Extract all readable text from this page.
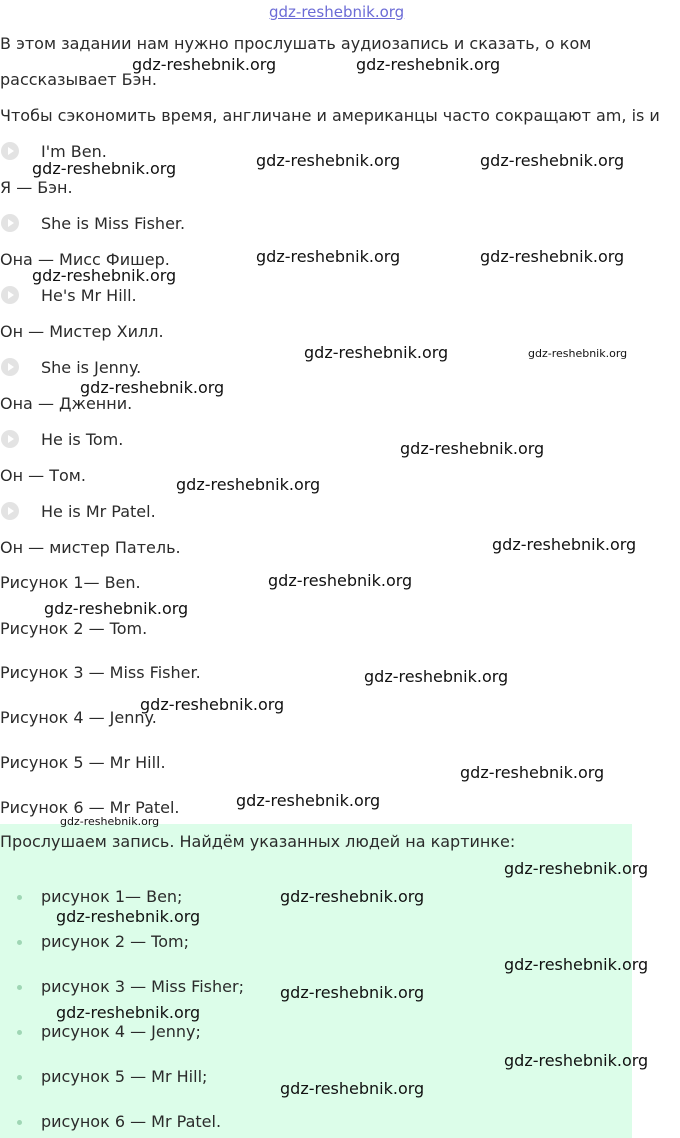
gdz-reshebnik.org
В этом задании нам нужно прослушать аудиозапись и сказать, о ком
рассказывает Бэн.
Чтобы сэкономить время, англичане и американцы часто сокращают am, is и
I'm Ben.
Я — Бэн.
She is Miss Fisher.
Она — Мисс Фишер.
He's Mr Hill.
Он — Мистер Хилл.
She is Jenny.
Она — Дженни.
He is Tom.
Он — Том.
He is Mr Patel.
Он — мистер Патель.
Рисунок 1— Ben.
Рисунок 2 — Tom.
Рисунок 3 — Miss Fisher.
Рисунок 4 — Jenny.
Рисунок 5 — Mr Hill.
Рисунок 6 — Mr Patel.
Прослушаем запись. Найдём указанных людей на картинке:
рисунок 1— Ben;
рисунок 2 — Tom;
рисунок 3 — Miss Fisher;
рисунок 4 — Jenny;
рисунок 5 — Mr Hill;
рисунок 6 — Mr Patel.
gdz-reshebnik.org	gdz-reshebnik.org
gdz-reshebnik.org	gdz-reshebnik.org	gdz-reshebnik.org
gdz-reshebnik.org	gdz-reshebnik.org
gdz-reshebnik.org
gdz-reshebnik.org	gdz-reshebnik.org
gdz-reshebnik.org
gdz-reshebnik.org
gdz-reshebnik.org
gdz-reshebnik.org
gdz-reshebnik.org
gdz-reshebnik.org
gdz-reshebnik.org
gdz-reshebnik.org
gdz-reshebnik.org
gdz-reshebnik.org
gdz-reshebnik.org
gdz-reshebnik.org
gdz-reshebnik.org
gdz-reshebnik.org
gdz-reshebnik.org
gdz-reshebnik.org
gdz-reshebnik.org
gdz-reshebnik.org
gdz-reshebnik.org
